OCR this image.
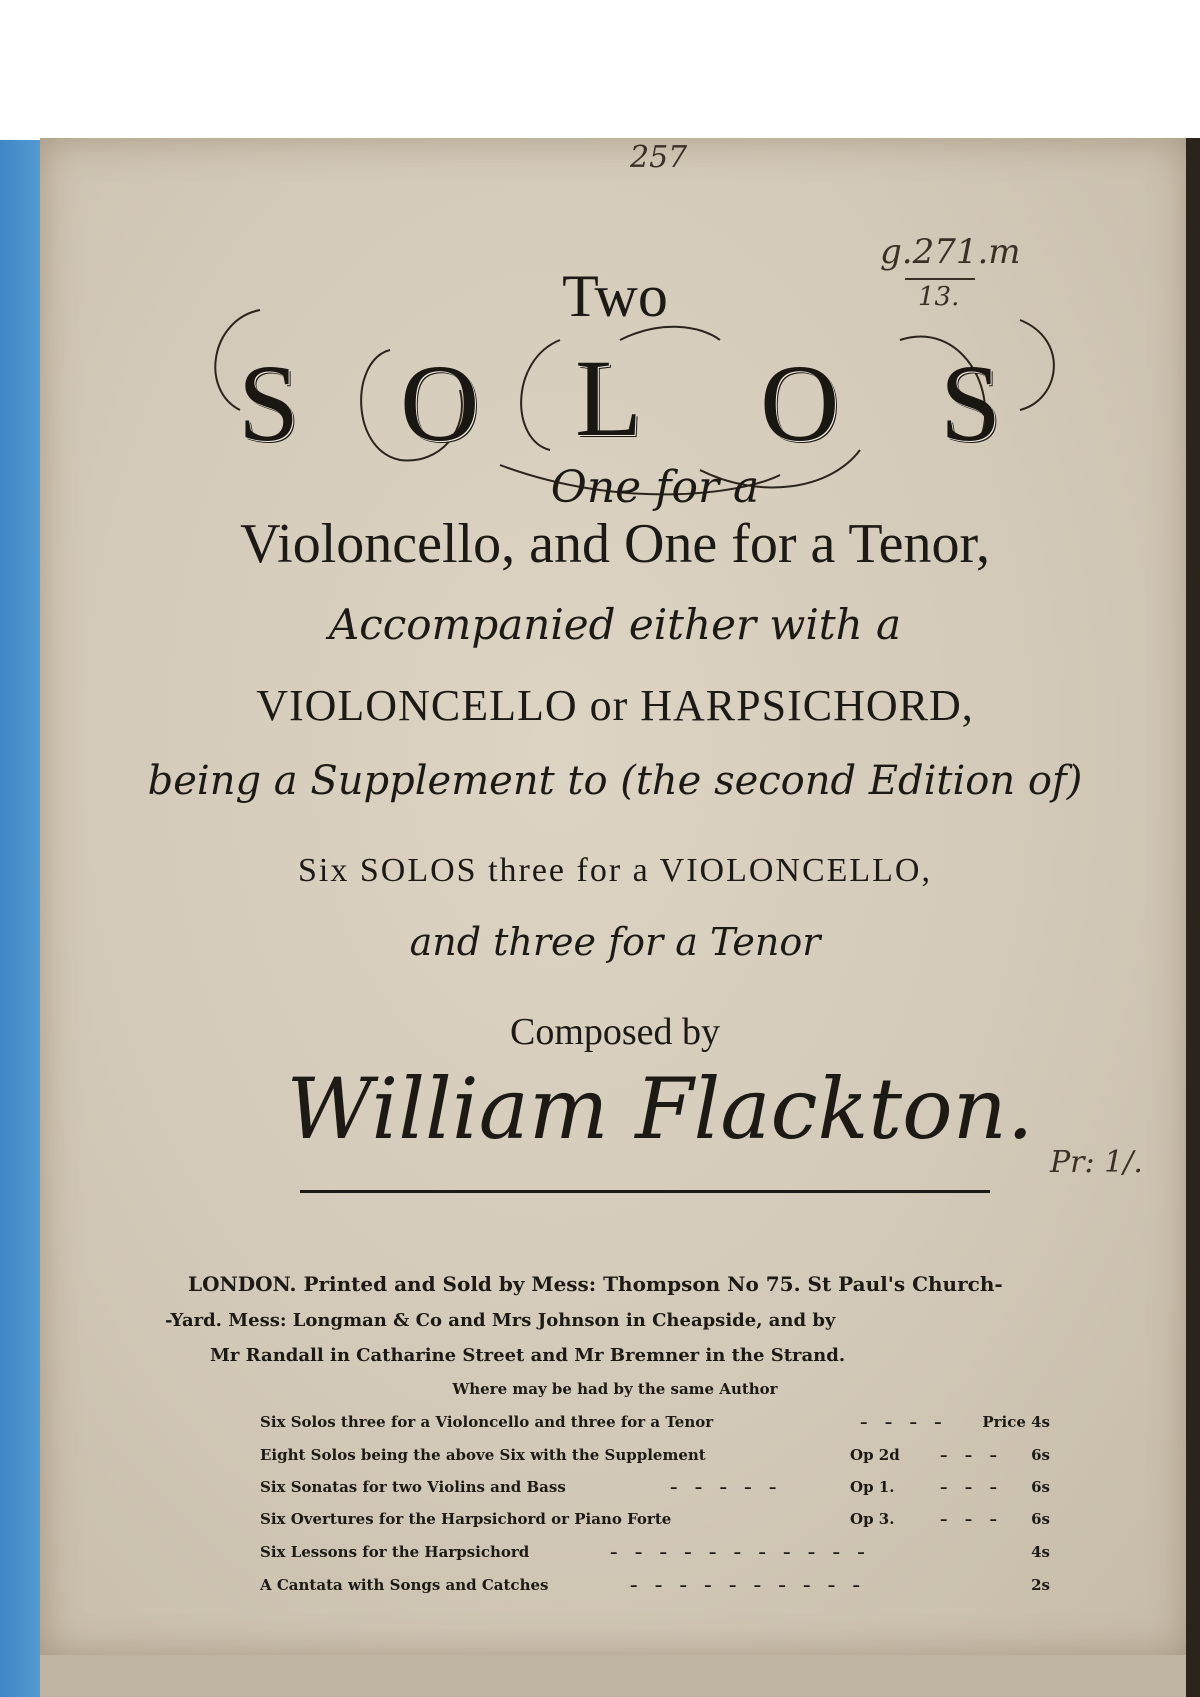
257
g.271.m
13.
Two
S O L O S
One for a
Violoncello, and One for a Tenor,
Accompanied either with a
VIOLONCELLO or HARPSICHORD,
being a Supplement to (the second Edition of)
Six SOLOS three for a VIOLONCELLO,
and three for a Tenor
Composed by
William Flackton.
Pr: 1/.
LONDON. Printed and Sold by Mess: Thompson No 75. St Paul's Church-
-Yard. Mess: Longman & Co and Mrs Johnson in Cheapside, and by
Mr Randall in Catharine Street and Mr Bremner in the Strand.
Where may be had by the same Author
Six Solos three for a Violoncello and three for a Tenor	– – – – Price 4s
Eight Solos being the above Six with the Supplement	Op 2d	– – – 6s
Six Sonatas for two Violins and Bass	– – – – –	Op 1.	– – – 6s
Six Overtures for the Harpsichord or Piano Forte	Op 3.	– – – 6s
Six Lessons for the Harpsichord	– – – – – – – – – – –	4s
A Cantata with Songs and Catches	– – – – – – – – – –	2s
